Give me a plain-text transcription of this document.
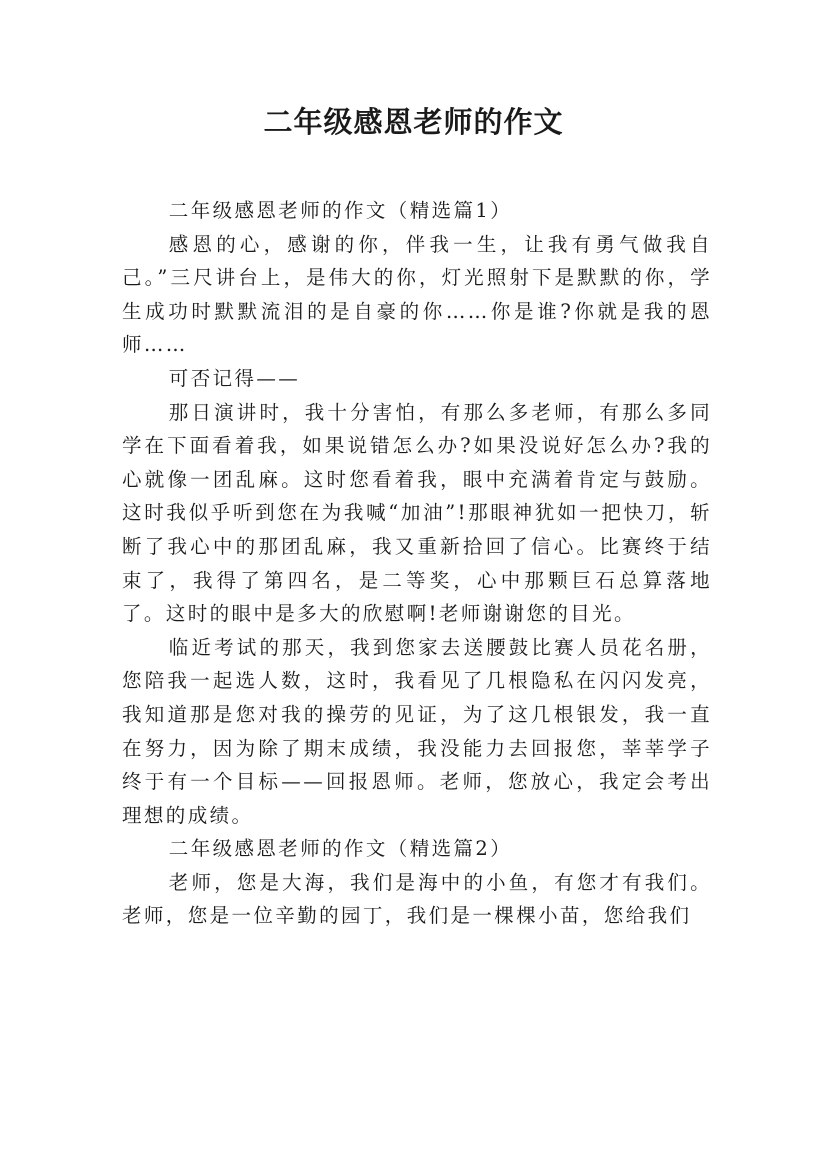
二年级感恩老师的作文

二年级感恩老师的作文（精选篇1）

感恩的心，感谢的你，伴我一生，让我有勇气做我自己。”三尺讲台上，是伟大的你，灯光照射下是默默的你，学生成功时默默流泪的是自豪的你……你是谁?你就是我的恩师……

可否记得——

那日演讲时，我十分害怕，有那么多老师，有那么多同学在下面看着我，如果说错怎么办?如果没说好怎么办?我的心就像一团乱麻。这时您看着我，眼中充满着肯定与鼓励。这时我似乎听到您在为我喊“加油”!那眼神犹如一把快刀，斩断了我心中的那团乱麻，我又重新拾回了信心。比赛终于结束了，我得了第四名，是二等奖，心中那颗巨石总算落地了。这时的眼中是多大的欣慰啊!老师谢谢您的目光。

临近考试的那天，我到您家去送腰鼓比赛人员花名册，您陪我一起选人数，这时，我看见了几根隐私在闪闪发亮，我知道那是您对我的操劳的见证，为了这几根银发，我一直在努力，因为除了期末成绩，我没能力去回报您，莘莘学子终于有一个目标——回报恩师。老师，您放心，我定会考出理想的成绩。

二年级感恩老师的作文（精选篇2）

老师，您是大海，我们是海中的小鱼，有您才有我们。老师，您是一位辛勤的园丁，我们是一棵棵小苗，您给我们
